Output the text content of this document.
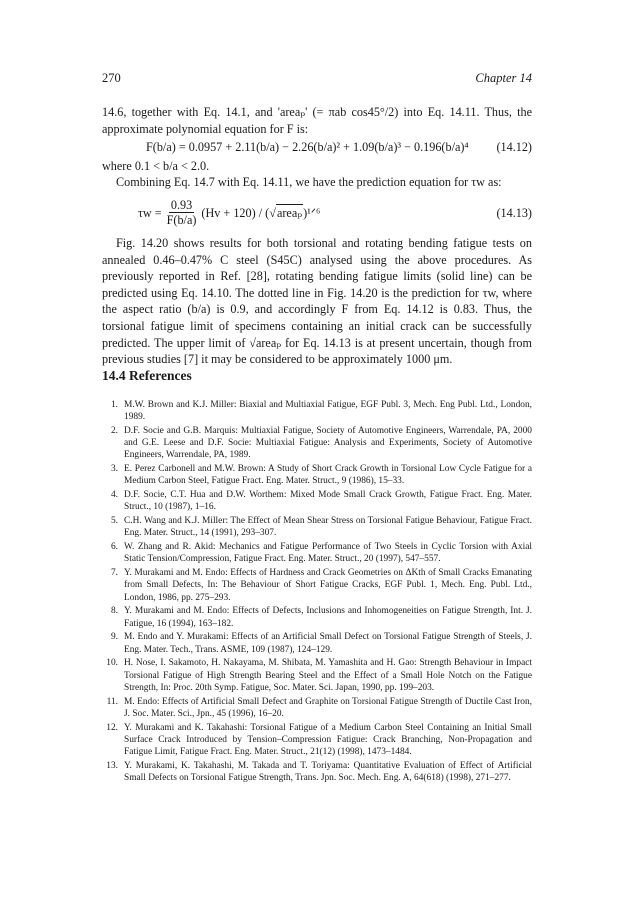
270	Chapter 14

14.6, together with Eq. 14.1, and 'areaₚ' (= πab cos45°/2) into Eq. 14.11. Thus, the approximate polynomial equation for F is:

F(b/a) = 0.0957 + 2.11(b/a) − 2.26(b/a)² + 1.09(b/a)³ − 0.196(b/a)⁴	(14.12)

where 0.1 < b/a < 2.0.

Combining Eq. 14.7 with Eq. 14.11, we have the prediction equation for τw as:

$\tau w = \frac{0.93}{F(b/a)} (Hv + 120)$ / ( √ areaₚ )¹ᐟ⁶	(14.13)

Fig. 14.20 shows results for both torsional and rotating bending fatigue tests on annealed 0.46–0.47% C steel (S45C) analysed using the above procedures. As previously reported in Ref. [28], rotating bending fatigue limits (solid line) can be predicted using Eq. 14.10. The dotted line in Fig. 14.20 is the prediction for τw, where the aspect ratio (b/a) is 0.9, and accordingly F from Eq. 14.12 is 0.83. Thus, the torsional fatigue limit of specimens containing an initial crack can be successfully predicted. The upper limit of √areaₚ for Eq. 14.13 is at present uncertain, though from previous studies [7] it may be considered to be approximately 1000 μm.

14.4 References
1. M.W. Brown and K.J. Miller: Biaxial and Multiaxial Fatigue, EGF Publ. 3, Mech. Eng Publ. Ltd., London, 1989.
2. D.F. Socie and G.B. Marquis: Multiaxial Fatigue, Society of Automotive Engineers, Warrendale, PA, 2000 and G.E. Leese and D.F. Socie: Multiaxial Fatigue: Analysis and Experiments, Society of Automotive Engineers, Warrendale, PA, 1989.
3. E. Perez Carbonell and M.W. Brown: A Study of Short Crack Growth in Torsional Low Cycle Fatigue for a Medium Carbon Steel, Fatigue Fract. Eng. Mater. Struct., 9 (1986), 15–33.
4. D.F. Socie, C.T. Hua and D.W. Worthem: Mixed Mode Small Crack Growth, Fatigue Fract. Eng. Mater. Struct., 10 (1987), 1–16.
5. C.H. Wang and K.J. Miller: The Effect of Mean Shear Stress on Torsional Fatigue Behaviour, Fatigue Fract. Eng. Mater. Struct., 14 (1991), 293–307.
6. W. Zhang and R. Akid: Mechanics and Fatigue Performance of Two Steels in Cyclic Torsion with Axial Static Tension/Compression, Fatigue Fract. Eng. Mater. Struct., 20 (1997), 547–557.
7. Y. Murakami and M. Endo: Effects of Hardness and Crack Geometries on ΔKth of Small Cracks Emanating from Small Defects, In: The Behaviour of Short Fatigue Cracks, EGF Publ. 1, Mech. Eng. Publ. Ltd., London, 1986, pp. 275–293.
8. Y. Murakami and M. Endo: Effects of Defects, Inclusions and Inhomogeneities on Fatigue Strength, Int. J. Fatigue, 16 (1994), 163–182.
9. M. Endo and Y. Murakami: Effects of an Artificial Small Defect on Torsional Fatigue Strength of Steels, J. Eng. Mater. Tech., Trans. ASME, 109 (1987), 124–129.
10. H. Nose, I. Sakamoto, H. Nakayama, M. Shibata, M. Yamashita and H. Gao: Strength Behaviour in Impact Torsional Fatigue of High Strength Bearing Steel and the Effect of a Small Hole Notch on the Fatigue Strength, In: Proc. 20th Symp. Fatigue, Soc. Mater. Sci. Japan, 1990, pp. 199–203.
11. M. Endo: Effects of Artificial Small Defect and Graphite on Torsional Fatigue Strength of Ductile Cast Iron, J. Soc. Mater. Sci., Jpn., 45 (1996), 16–20.
12. Y. Murakami and K. Takahashi: Torsional Fatigue of a Medium Carbon Steel Containing an Initial Small Surface Crack Introduced by Tension–Compression Fatigue: Crack Branching, Non-Propagation and Fatigue Limit, Fatigue Fract. Eng. Mater. Struct., 21(12) (1998), 1473–1484.
13. Y. Murakami, K. Takahashi, M. Takada and T. Toriyama: Quantitative Evaluation of Effect of Artificial Small Defects on Torsional Fatigue Strength, Trans. Jpn. Soc. Mech. Eng. A, 64(618) (1998), 271–277.
